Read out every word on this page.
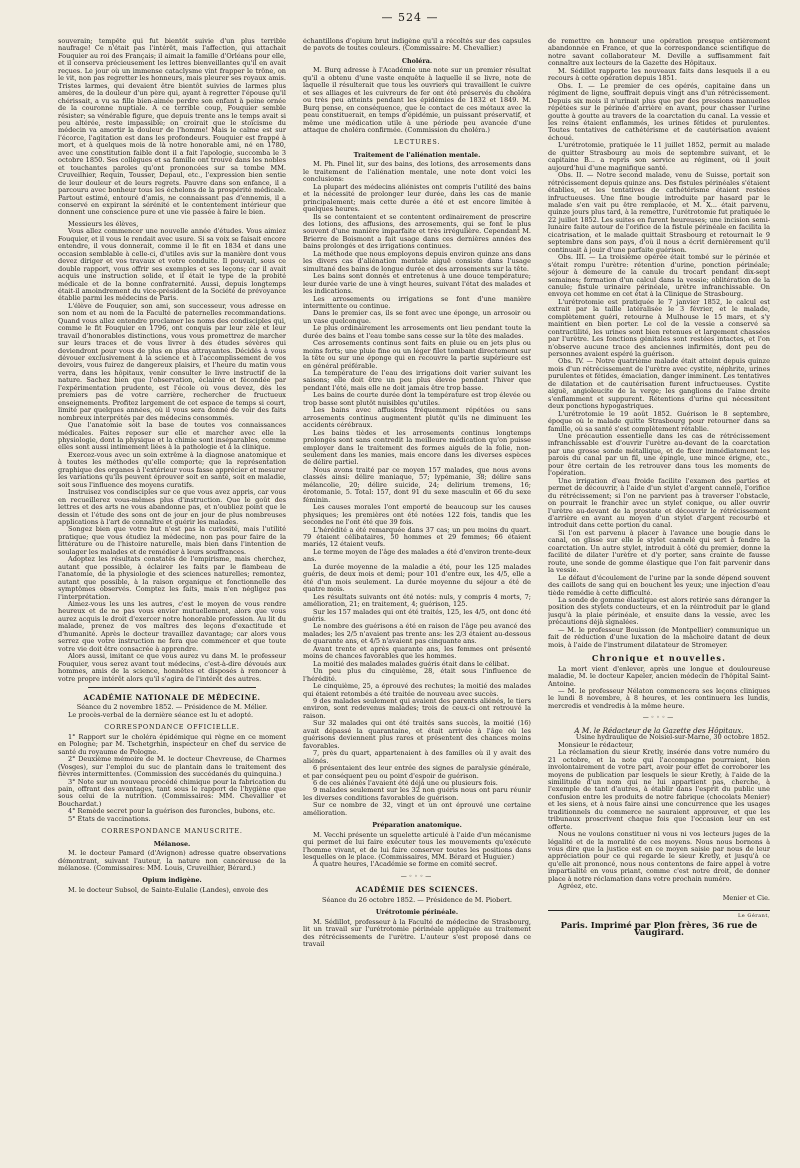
— 524 —

souverain; tempête qui fut bientôt suivie d'un plus terrible naufrage! Ce n'était pas l'intérêt, mais l'affection, qui attachait Fouquier au roi des Français; il aimait la famille d'Orléans pour elle, et il conserva précieusement les lettres bienveillantes qu'il en avait reçues. Le jour où un immense cataclysme vint frapper le trône, on le vit, non pas regretter les honneurs, mais pleurer ses royaux amis. Tristes larmes, qui devaient être bientôt suivies de larmes plus amères, de la douleur d'un père qui, ayant à regretter l'épouse qu'il chérissait, a vu sa fille bien-aimée perdre son enfant à peine ornée de la couronne nuptiale. A ce terrible coup, Fouquier semble résister; sa vénérable figure, que depuis trente ans le temps avait si peu altérée, reste impassible; on croirait que le stoïcisme du médecin va amortir la douleur de l'homme! Mais le calme est sur l'écorce, l'agitation est dans les profondeurs. Fouquier est frappé à mort, et à quelques mois de là notre honorable ami, né en 1780, avec une constitution faible dont il a fait l'apologie, succomba le 3 octobre 1850. Ses collègues et sa famille ont trouvé dans les nobles et touchantes paroles qu'ont prononcées sur sa tombe MM. Cruveilhier, Requin, Tousser, Depaul, etc., l'expression bien sentie de leur douleur et de leurs regrets. Pauvre dans son enfance, il a parcouru avec bonheur tous les échelons de la prospérité médicale. Partout estimé, entouré d'amis, ne connaissant pas d'ennemis, il a conservé en expirant la sérénité et le contentement intérieur que donnent une conscience pure et une vie passée à faire le bien.

Messieurs les élèves,

Vous allez commencer une nouvelle année d'études. Vous aimiez Fouquier, et il vous le rendait avec usure. Si sa voix se faisait encore entendre, il vous donnerait, comme il le fit en 1834 et dans une occasion semblable à celle-ci, d'utiles avis sur la manière dont vous devez diriger et vos travaux et votre conduite. Il pouvait, sous ce double rapport, vous offrir ses exemples et ses leçons; car il avait acquis une instruction solide, et il était le type de la probité médicale et de la bonne confraternité. Aussi, depuis longtemps était-il amoindrement du vice-président de la Société de prévoyance établie parmi les médecins de Paris.

L'élève de Fouquier, son ami, son successeur, vous adresse en son nom et au nom de la Faculté de paternelles recommandations. Quand vous allez entendre proclamer les noms des condisciples qui, comme le fit Fouquier en 1796, ont conquis par leur zèle et leur travail d'honorables distinctions, vous vous promettrez de marcher sur leurs traces et de vous livrer à des études sévères qui deviendront pour vous de plus en plus attrayantes. Décidés à vous dévouer exclusivement à la science et à l'accomplissement de vos devoirs, vous fuirez de dangereux plaisirs, et l'heure du matin vous verra, dans les hôpitaux, venir consulter le livre instructif de la nature. Sachez bien que l'observation, éclairée et fécondée par l'expérimentation prudente, est l'école où vous devez, dès les premiers pas de votre carrière, rechercher de fructueux enseignements. Profitez largement de cet espace de temps si court, limité par quelques années, où il vous sera donné de voir des faits nombreux interprétés par des médecins consommés.

Que l'anatomie soit la base de toutes vos connaissances médicales. Faites reposer sur elle et marcher avec elle la physiologie, dont la physique et la chimie sont inséparables, comme elles sont aussi intimement liées à la pathologie et à la clinique.

Exercez-vous avec un soin extrême à la diagnose anatomique et à toutes les méthodes qu'elle comporte; que la représentation graphique des organes à l'extérieur vous fasse apprécier et mesurer les variations qu'ils peuvent éprouver soit en santé, soit en maladie, soit sous l'influence des moyens curatifs.

Instruisez vos condisciples sur ce que vous avez appris, car vous en recueillerez vous-mêmes plus d'instruction. Que le goût des lettres et des arts ne vous abandonne pas, et n'oubliez point que le dessin et l'étude des sons ont de jour en jour de plus nombreuses applications à l'art de connaître et guérir les malades.

Songez bien que votre but n'est pas la curiosité, mais l'utilité pratique; que vous étudiez la médecine, non pas pour faire de la littérature ou de l'histoire naturelle, mais bien dans l'intention de soulager les malades et de remédier à leurs souffrances.

Adoptez les résultats constatés de l'empirisme, mais cherchez, autant que possible, à éclairer les faits par le flambeau de l'anatomie, de la physiologie et des sciences naturelles; remontez, autant que possible, à la raison organique et fonctionnelle des symptômes observés. Comptez les faits, mais n'en négligez pas l'interprétation.

Aimez-vous les uns les autres, c'est le moyen de vous rendre heureux et de ne pas vous envier mutuellement, alors que vous aurez acquis le droit d'exercer notre honorable profession. Au lit du malade, prenez de vos maîtres des leçons d'exactitude et d'humanité. Après le docteur travaillez davantage; car alors vous serrez que votre instruction ne fera que commencer et que toute votre vie doit être consacrée à apprendre.

Alors aussi, imitant ce que vous aurez vu dans M. le professeur Fouquier, vous serez avant tout médecins, c'est-à-dire dévoués aux hommes, amis de la science, honnêtes et disposés à renoncer à votre propre intérêt alors qu'il s'agira de l'intérêt des autres.

ACADÉMIE NATIONALE DE MÉDECINE.

Séance du 2 novembre 1852. — Présidence de M. Mélier.

Le procès-verbal de la dernière séance est lu et adopté.

CORRESPONDANCE OFFICIELLE.

1° Rapport sur le choléra épidémique qui règne en ce moment en Pologne; par M. Tschetgrhin, inspecteur en chef du service de santé du royaume de Pologne.

2° Deuxième mémoire de M. le docteur Chevreuse, de Charmes (Vosges), sur l'emploi du suc de plantain dans le traitement des fièvres intermittentes. (Commission des succédanés du quinquina.)

3° Note sur un nouveau procédé chimique pour la fabrication du pain, offrant des avantages, tant sous le rapport de l'hygiène que sous celui de la nutrition. (Commissaires: MM. Chevallier et Bouchardat.)

4° Remède secret pour la guérison des furoncles, bubons, etc.

5° États de vaccinations.

CORRESPONDANCE MANUSCRITE.
Mélanose.

M. le docteur Pamard (d'Avignon) adresse quatre observations démontrant, suivant l'auteur, la nature non cancéreuse de la mélanose. (Commissaires: MM. Louis, Cruveilhier, Bérard.)

Opium indigène.

M. le docteur Subsol, de Sainte-Eulalie (Landes), envoie des

échantillons d'opium brut indigène qu'il a récoltés sur des capsules de pavots de toutes couleurs. (Commissaire: M. Chevallier.)

Choléra.

M. Burq adresse à l'Académie une note sur un premier résultat qu'il a obtenu d'une vaste enquête à laquelle il se livre, note de laquelle il résulterait que tous les ouvriers qui travaillent le cuivre et ses alliages et les cuivreurs de fer ont été préservés du choléra ou très peu atteints pendant les épidémies de 1832 et 1849. M. Burq pense, en conséquence, que le contact de ces métaux avec la peau constituerait, en temps d'épidémie, un puissant préservatif, et même une médication utile à une période peu avancée d'une attaque de choléra confirmée. (Commission du choléra.)

LECTURES.
Traitement de l'aliénation mentale.

M. Ph. Pinel lit, sur des bains, des lotions, des arrosements dans le traitement de l'aliénation mentale, une note dont voici les conclusions:

La plupart des médecins aliénistes ont compris l'utilité des bains et la nécessité de prolonger leur durée, dans les cas de manie principalement; mais cette durée a été et est encore limitée à quelques heures.

Ils se contentaient et se contentent ordinairement de prescrire des lotions, des affusions, des arrosements, qui se font le plus souvent d'une manière imparfaite et très irrégulière. Cependant M. Brierre de Boismont a fait usage dans ces dernières années des bains prolongés et des irrigations continues.

La méthode que nous employons depuis environ quinze ans dans les divers cas d'aliénation mentale aiguë consiste dans l'usage simultané des bains de longue durée et des arrosements sur la tête.

Les bains sont donnés et entretenus à une douce température; leur durée varie de une à vingt heures, suivant l'état des malades et les indications.

Les arrosements ou irrigations se font d'une manière intermittente ou continue.

Dans le premier cas, ils se font avec une éponge, un arrosoir ou un vase quelconque.

Le plus ordinairement les arrosements ont lieu pendant toute la durée des bains et l'eau tombe sans cesse sur la tête des malades.

Ces arrosements continus sont faits en pluie ou en jets plus ou moins forts; une pluie fine ou un léger filet tombant directement sur la tête ou sur une éponge qui en recouvre la partie supérieure est en général préférable.

La température de l'eau des irrigations doit varier suivant les saisons; elle doit être un peu plus élevée pendant l'hiver que pendant l'été, mais elle ne doit jamais être trop basse.

Les bains de courte durée dont la température est trop élevée ou trop basse sont plutôt nuisibles qu'utiles.

Les bains avec affusions fréquemment répétées ou sans arrosements continus augmentent plutôt qu'ils ne diminuent les accidents cérébraux.

Les bains tièdes et les arrosements continus longtemps prolongés sont sans contredit la meilleure médication qu'on puisse employer dans le traitement des formes aiguës de la folie, non-seulement dans les manies, mais encore dans les diverses espèces de délire partiel.

Nous avons traité par ce moyen 157 malades, que nous avons classés ainsi: délire maniaque, 57; lypémanie, 38; délire sans mélancolie, 20; délire suicide, 24; delirium tremens, 16; érotomanie, 5. Total: 157, dont 91 du sexe masculin et 66 du sexe féminin.

Les causes morales l'ont emporté de beaucoup sur les causes physiques; les premières ont été notées 122 fois, tandis que les secondes ne l'ont été que 39 fois.

L'hérédité a été remarquée dans 37 cas; un peu moins du quart. 79 étaient célibataires, 50 hommes et 29 femmes; 66 étaient mariés, 12 étaient veufs.

Le terme moyen de l'âge des malades a été d'environ trente-deux ans.

La durée moyenne de la maladie a été, pour les 125 malades guéris, de deux mois et demi; pour 101 d'entre eux, les 4/5, elle a été d'un mois seulement. La durée moyenne du séjour a été de quatre mois.

Les résultats suivants ont été notés: nuls, y compris 4 morts, 7; amélioration, 21; en traitement, 4; guérison, 125.

Sur les 157 malades qui ont été traités, 125, les 4/5, ont donc été guéris.

Le nombre des guérisons a été en raison de l'âge peu avancé des malades; les 2/5 n'avaient pas trente ans: les 2/3 étaient au-dessous de quarante ans, et 4/5 n'avaient pas cinquante ans.

Avant trente et après quarante ans, les femmes ont présenté moins de chances favorables que les hommes.

La moitié des malades malades guéris était dans le célibat.

Un peu plus du cinquième, 28, était sous l'influence de l'hérédité.

Le cinquième, 25, a éprouvé des rechutes; la moitié des malades qui étaient retombés a été traitée de nouveau avec succès.

9 des malades seulement qui avaient des parents aliénés, le tiers environ, sont redevenus malades; trois de ceux-ci ont retrouvé la raison.

Sur 32 malades qui ont été traités sans succès, la moitié (16) avait dépassé la quarantaine, et était arrivée à l'âge où les guérisons deviennent plus rares et présentent des chances moins favorables.

7, près du quart, appartenaient à des familles où il y avait des aliénés.

6 présentaient des leur entrée des signes de paralysie générale, et par conséquent peu ou point d'espoir de guérison.

6 de ces aliénés l'avaient été déjà une ou plusieurs fois.

9 malades seulement sur les 32 non guéris nous ont paru réunir les diverses conditions favorables de guérison.

Sur ce nombre de 32, vingt et un ont éprouvé une certaine amélioration.

Préparation anatomique.

M. Vecchi présente un squelette articulé à l'aide d'un mécanisme qui permet de lui faire exécuter tous les mouvements qu'exécute l'homme vivant, et de lui faire conserver toutes les positions dans lesquelles on le place. (Commissaires, MM. Bérard et Huguier.)

A quatre heures, l'Académie se forme en comité secret.

—◦◦◦—
ACADÉMIE DES SCIENCES.

Séance du 26 octobre 1852. — Présidence de M. Piobert.

Urétrotomie périnéale.

M. Sédillot, professeur à la Faculté de médecine de Strasbourg, lit un travail sur l'urétrotomie périnéale appliquée au traitement des rétrécissements de l'urètre. L'auteur s'est proposé dans ce travail

de remettre en honneur une opération presque entièrement abandonnée en France, et que la correspondance scientifique de notre savant collaborateur M. Deville a suffisamment fait connaître aux lecteurs de la Gazette des Hôpitaux.

M. Sédillot rapporte les nouveaux faits dans lesquels il a eu recours à cette opération depuis 1851.

Obs. I. — Le premier de ces opérés, capitaine dans un régiment de ligne, souffrait depuis vingt ans d'un rétrécissement. Depuis six mois il n'urinait plus que par des pressions manuelles répétées sur le périnée d'arrière en avant, pour chasser l'urine goutte à goutte au travers de la coarctation du canal. La vessie et les reins étaient enflammés, les urines fétides et purulentes. Toutes tentatives de cathétérisme et de cautérisation avaient échoué.

L'urétrotomie, pratiquée le 11 juillet 1852, permit au malade de quitter Strasbourg au mois de septembre suivant, et le capitaine B... a repris son service au régiment, où il jouit aujourd'hui d'une magnifique santé.

Obs. II. — Notre second malade, venu de Suisse, portait son rétrécissement depuis quinze ans. Des fistules périnéales s'étaient établies, et les tentatives de cathétérisme étaient restées infructueuses. Une fine bougie introduite par hasard par le malade s'en vait pu être remplacée, et M. X... était parvenu, quinze jours plus tard, à la remettre, l'urétrotomie fut pratiquée le 22 juillet 1852. Les suites en furent heureuses; une incision semi-lunaire faite autour de l'orifice de la fistule périnéale en facilita la cicatrisation, et le malade quittait Strasbourg et retournait le 9 septembre dans son pays, d'où il nous a écrit dernièrement qu'il continuait à jouir d'une parfaite guérison.

Obs. III. — La troisième opérée était tombé sur le périnée et s'était rompu l'urètre: rétention d'urine, ponction périnéale; séjour à demeure de la canule du trocart pendant dix-sept semaines; formation d'un calcul dans la vessie; oblitération de la canule; fistule urinaire périnéale, urètre infranchissable. On envoya cet homme en cet état à la Clinique de Strasbourg.

L'urétrotomie est pratiquée le 7 janvier 1852, le calcul est extrait par la taille latéralisée le 3 février, et le malade, complètement guéri, retourne à Mulhouse le 15 mars, et s'y maintient en bien porter. Le col de la vessie a conservé sa contractilité, les urines sont bien retenues et largement chassées par l'urètre. Les fonctions génitales sont restées intactes, et l'on n'observe aucune trace des anciennes infirmités, dont peu de personnes avaient espéré la guérison.

Obs. IV. — Notre quatrième malade était atteint depuis quinze mois d'un rétrécissement de l'urètre avec cystite, néphrite, urines purulentes et fétides, émaciation, danger imminent. Les tentatives de dilatation et de cautérisation furent infructueuses. Cystite aiguë, angioleucite de la verge; les ganglions de l'aine droite s'enflamment et suppurent. Rétentions d'urine qui nécessitent deux ponctions hypogastriques.

L'urétrotomie le 19 août 1852. Guérison le 8 septembre, époque où le malade quitte Strasbourg pour retourner dans sa famille, où sa santé s'est complètement rétablie.

Une précaution essentielle dans les cas de rétrécissement infranchissable est d'ouvrir l'urètre au-devant de la coarctation par une grosse sonde métallique, et de fixer immédiatement les parois du canal par un fil, une épingle, une mince érigne, etc., pour être certain de les retrouver dans tous les moments de l'opération.

Une irrigation d'eau froide facilite l'examen des parties et permet de découvrir, à l'aide d'un stylet d'argent cannelé, l'orifice du rétrécissement; si l'on ne parvient pas à traverser l'obstacle, on pourrait le franchir avec un stylet conique, ou aller ouvrir l'urètre au-devant de la prostate et découvrir le rétrécissement d'arrière en avant au moyen d'un stylet d'argent recourbé et introduit dans cette portion du canal.

Si l'on est parvenu à placer à l'avance une bougie dans le canal, on glisse sur elle le stylet cannelé qui sert à fendre la coarctation. Un autre stylet, introduit à côté du premier, donne la facilité de dilater l'urètre et d'y porter, sans crainte de fausse route, une sonde de gomme élastique que l'on fait parvenir dans la vessie.

Le défaut d'écoulement de l'urine par la sonde dépend souvent des caillots de sang qui en bouchent les yeux; une injection d'eau tiède remédie à cette difficulté.

La sonde de gomme élastique est alors retirée sans déranger la position des stylets conducteurs, et en la réintroduit par le gland jusqu'à la plaie périnéale, et ensuite dans la vessie, avec les précautions déjà signalées.

— M. le professeur Bouisson (de Montpellier) communique un fait de réduction d'une luxation de la mâchoire datant de deux mois, à l'aide de l'instrument dilatateur de Stromeyer.

Chronique et nouvelles.

La mort vient d'enlever, après une longue et douloureuse maladie, M. le docteur Kapeler, ancien médecin de l'hôpital Saint-Antoine.

— M. le professeur Nélaton commencera ses leçons cliniques le lundi 8 novembre, à 8 heures, et les continuera les lundis, mercredis et vendredis à la même heure.

—◦◦◦—
A M. le Rédacteur de la Gazette des Hôpitaux.

Usine hydraulique de Noisiel-sur-Marne, 30 octobre 1852.

Monsieur le rédacteur,

La réclamation du sieur Kretly, insérée dans votre numéro du 21 octobre, et la note qui l'accompagne pourraient, bien involontairement de votre part, avoir pour effet de corroborer les moyens de publication par lesquels le sieur Kretly, à l'aide de la similitude d'un nom qui ne lui appartient pas, cherche, à l'exemple de tant d'autres, à établir dans l'esprit du public une confusion entre les produits de notre fabrique (chocolats Menier) et les siens, et à nous faire ainsi une concurrence que les usages traditionnels du commerce ne sauraient approuver, et que les tribunaux proscrivent chaque fois que l'occasion leur en est offerte.

Nous ne voulons constituer ni vous ni vos lecteurs juges de la légalité et de la moralité de ces moyens. Nous nous bornons à vous dire que la justice est en ce moyen saisie par nous de leur appréciation pour ce qui regarde le sieur Kretly, et jusqu'à ce qu'elle ait prononcé, nous nous contentons de faire appel à votre impartialité en vous priant, comme c'est notre droit, de donner place à notre réclamation dans votre prochain numéro.

Agréez, etc.

Menier et Cie.
Le Gérant,
Paris. Imprimé par Plon frères, 36 rue de Vaugirard.
